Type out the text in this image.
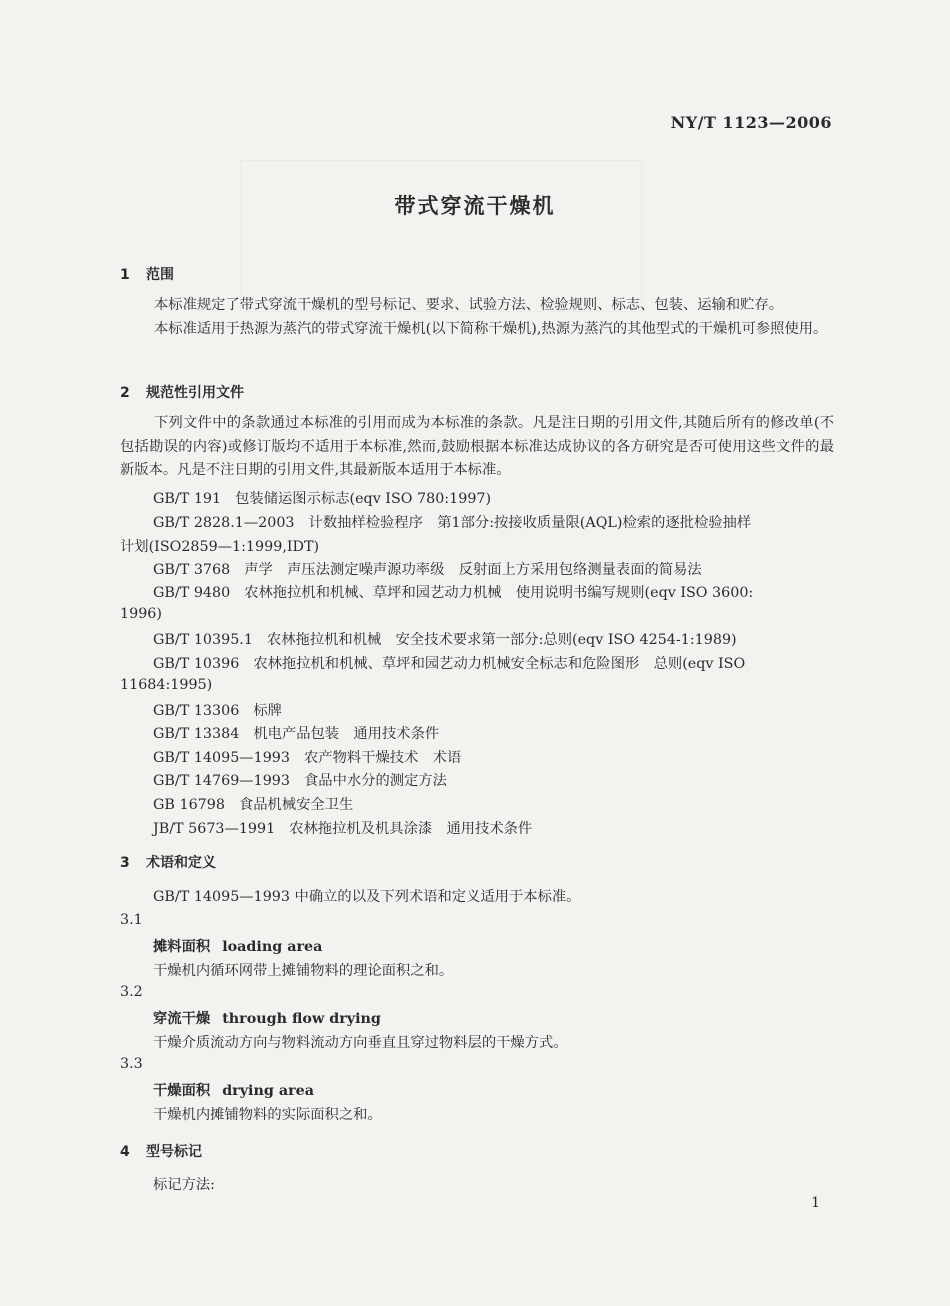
NY/T 1123—2006
带式穿流干燥机
1 范围
本标准规定了带式穿流干燥机的型号标记、要求、试验方法、检验规则、标志、包装、运输和贮存。
本标准适用于热源为蒸汽的带式穿流干燥机(以下简称干燥机),热源为蒸汽的其他型式的干燥机可参照使用。
2 规范性引用文件
下列文件中的条款通过本标准的引用而成为本标准的条款。凡是注日期的引用文件,其随后所有的修改单(不包括勘误的内容)或修订版均不适用于本标准,然而,鼓励根据本标准达成协议的各方研究是否可使用这些文件的最新版本。凡是不注日期的引用文件,其最新版本适用于本标准。
GB/T 191 包装储运图示标志(eqv ISO 780:1997)
GB/T 2828.1—2003 计数抽样检验程序　第1部分:按接收质量限(AQL)检索的逐批检验抽样
计划(ISO2859—1:1999,IDT)
GB/T 3768 声学　声压法测定噪声源功率级　反射面上方采用包络测量表面的简易法
GB/T 9480 农林拖拉机和机械、草坪和园艺动力机械　使用说明书编写规则(eqv ISO 3600:
1996)
GB/T 10395.1 农林拖拉机和机械　安全技术要求第一部分:总则(eqv ISO 4254-1:1989)
GB/T 10396 农林拖拉机和机械、草坪和园艺动力机械安全标志和危险图形　总则(eqv ISO
11684:1995)
GB/T 13306 标牌
GB/T 13384 机电产品包装　通用技术条件
GB/T 14095—1993 农产物料干燥技术　术语
GB/T 14769—1993 食品中水分的测定方法
GB 16798 食品机械安全卫生
JB/T 5673—1991 农林拖拉机及机具涂漆　通用技术条件
3 术语和定义
GB/T 14095—1993 中确立的以及下列术语和定义适用于本标准。
3.1
摊料面积 loading area
干燥机内循环网带上摊铺物料的理论面积之和。
3.2
穿流干燥 through flow drying
干燥介质流动方向与物料流动方向垂直且穿过物料层的干燥方式。
3.3
干燥面积 drying area
干燥机内摊铺物料的实际面积之和。
4 型号标记
标记方法:
1
